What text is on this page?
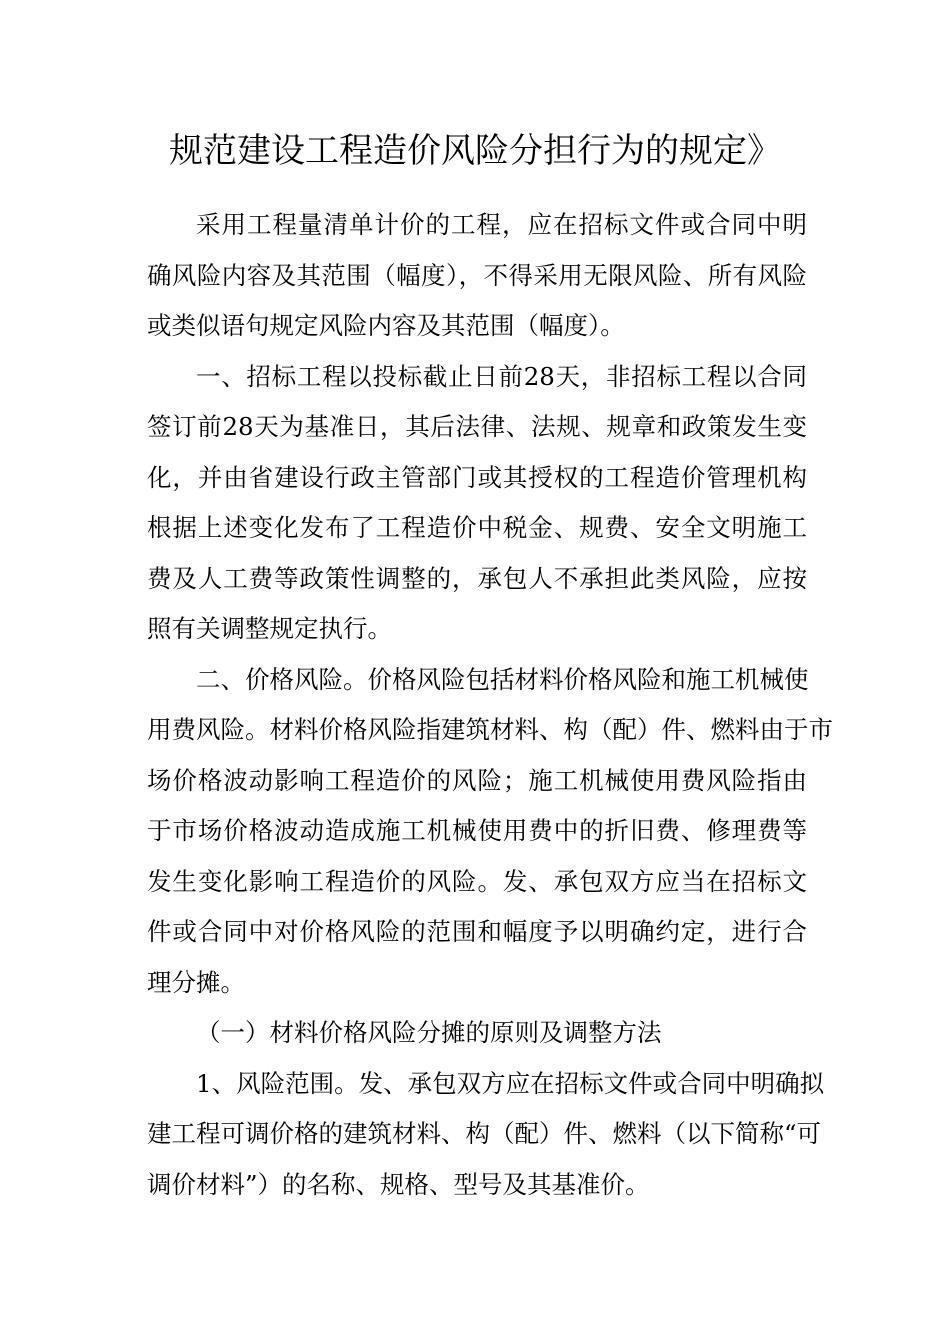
规范建设工程造价风险分担行为的规定》

采用工程量清单计价的工程，应在招标文件或合同中明
确风险内容及其范围（幅度），不得采用无限风险、所有风险
或类似语句规定风险内容及其范围（幅度）。

一、招标工程以投标截止日前28天，非招标工程以合同
签订前28天为基准日，其后法律、法规、规章和政策发生变
化，并由省建设行政主管部门或其授权的工程造价管理机构
根据上述变化发布了工程造价中税金、规费、安全文明施工
费及人工费等政策性调整的，承包人不承担此类风险，应按
照有关调整规定执行。

二、价格风险。价格风险包括材料价格风险和施工机械使
用费风险。材料价格风险指建筑材料、构（配）件、燃料由于市
场价格波动影响工程造价的风险；施工机械使用费风险指由
于市场价格波动造成施工机械使用费中的折旧费、修理费等
发生变化影响工程造价的风险。发、承包双方应当在招标文
件或合同中对价格风险的范围和幅度予以明确约定，进行合
理分摊。

（一）材料价格风险分摊的原则及调整方法

1、风险范围。发、承包双方应在招标文件或合同中明确拟
建工程可调价格的建筑材料、构（配）件、燃料（以下简称“可
调价材料”）的名称、规格、型号及其基准价。
